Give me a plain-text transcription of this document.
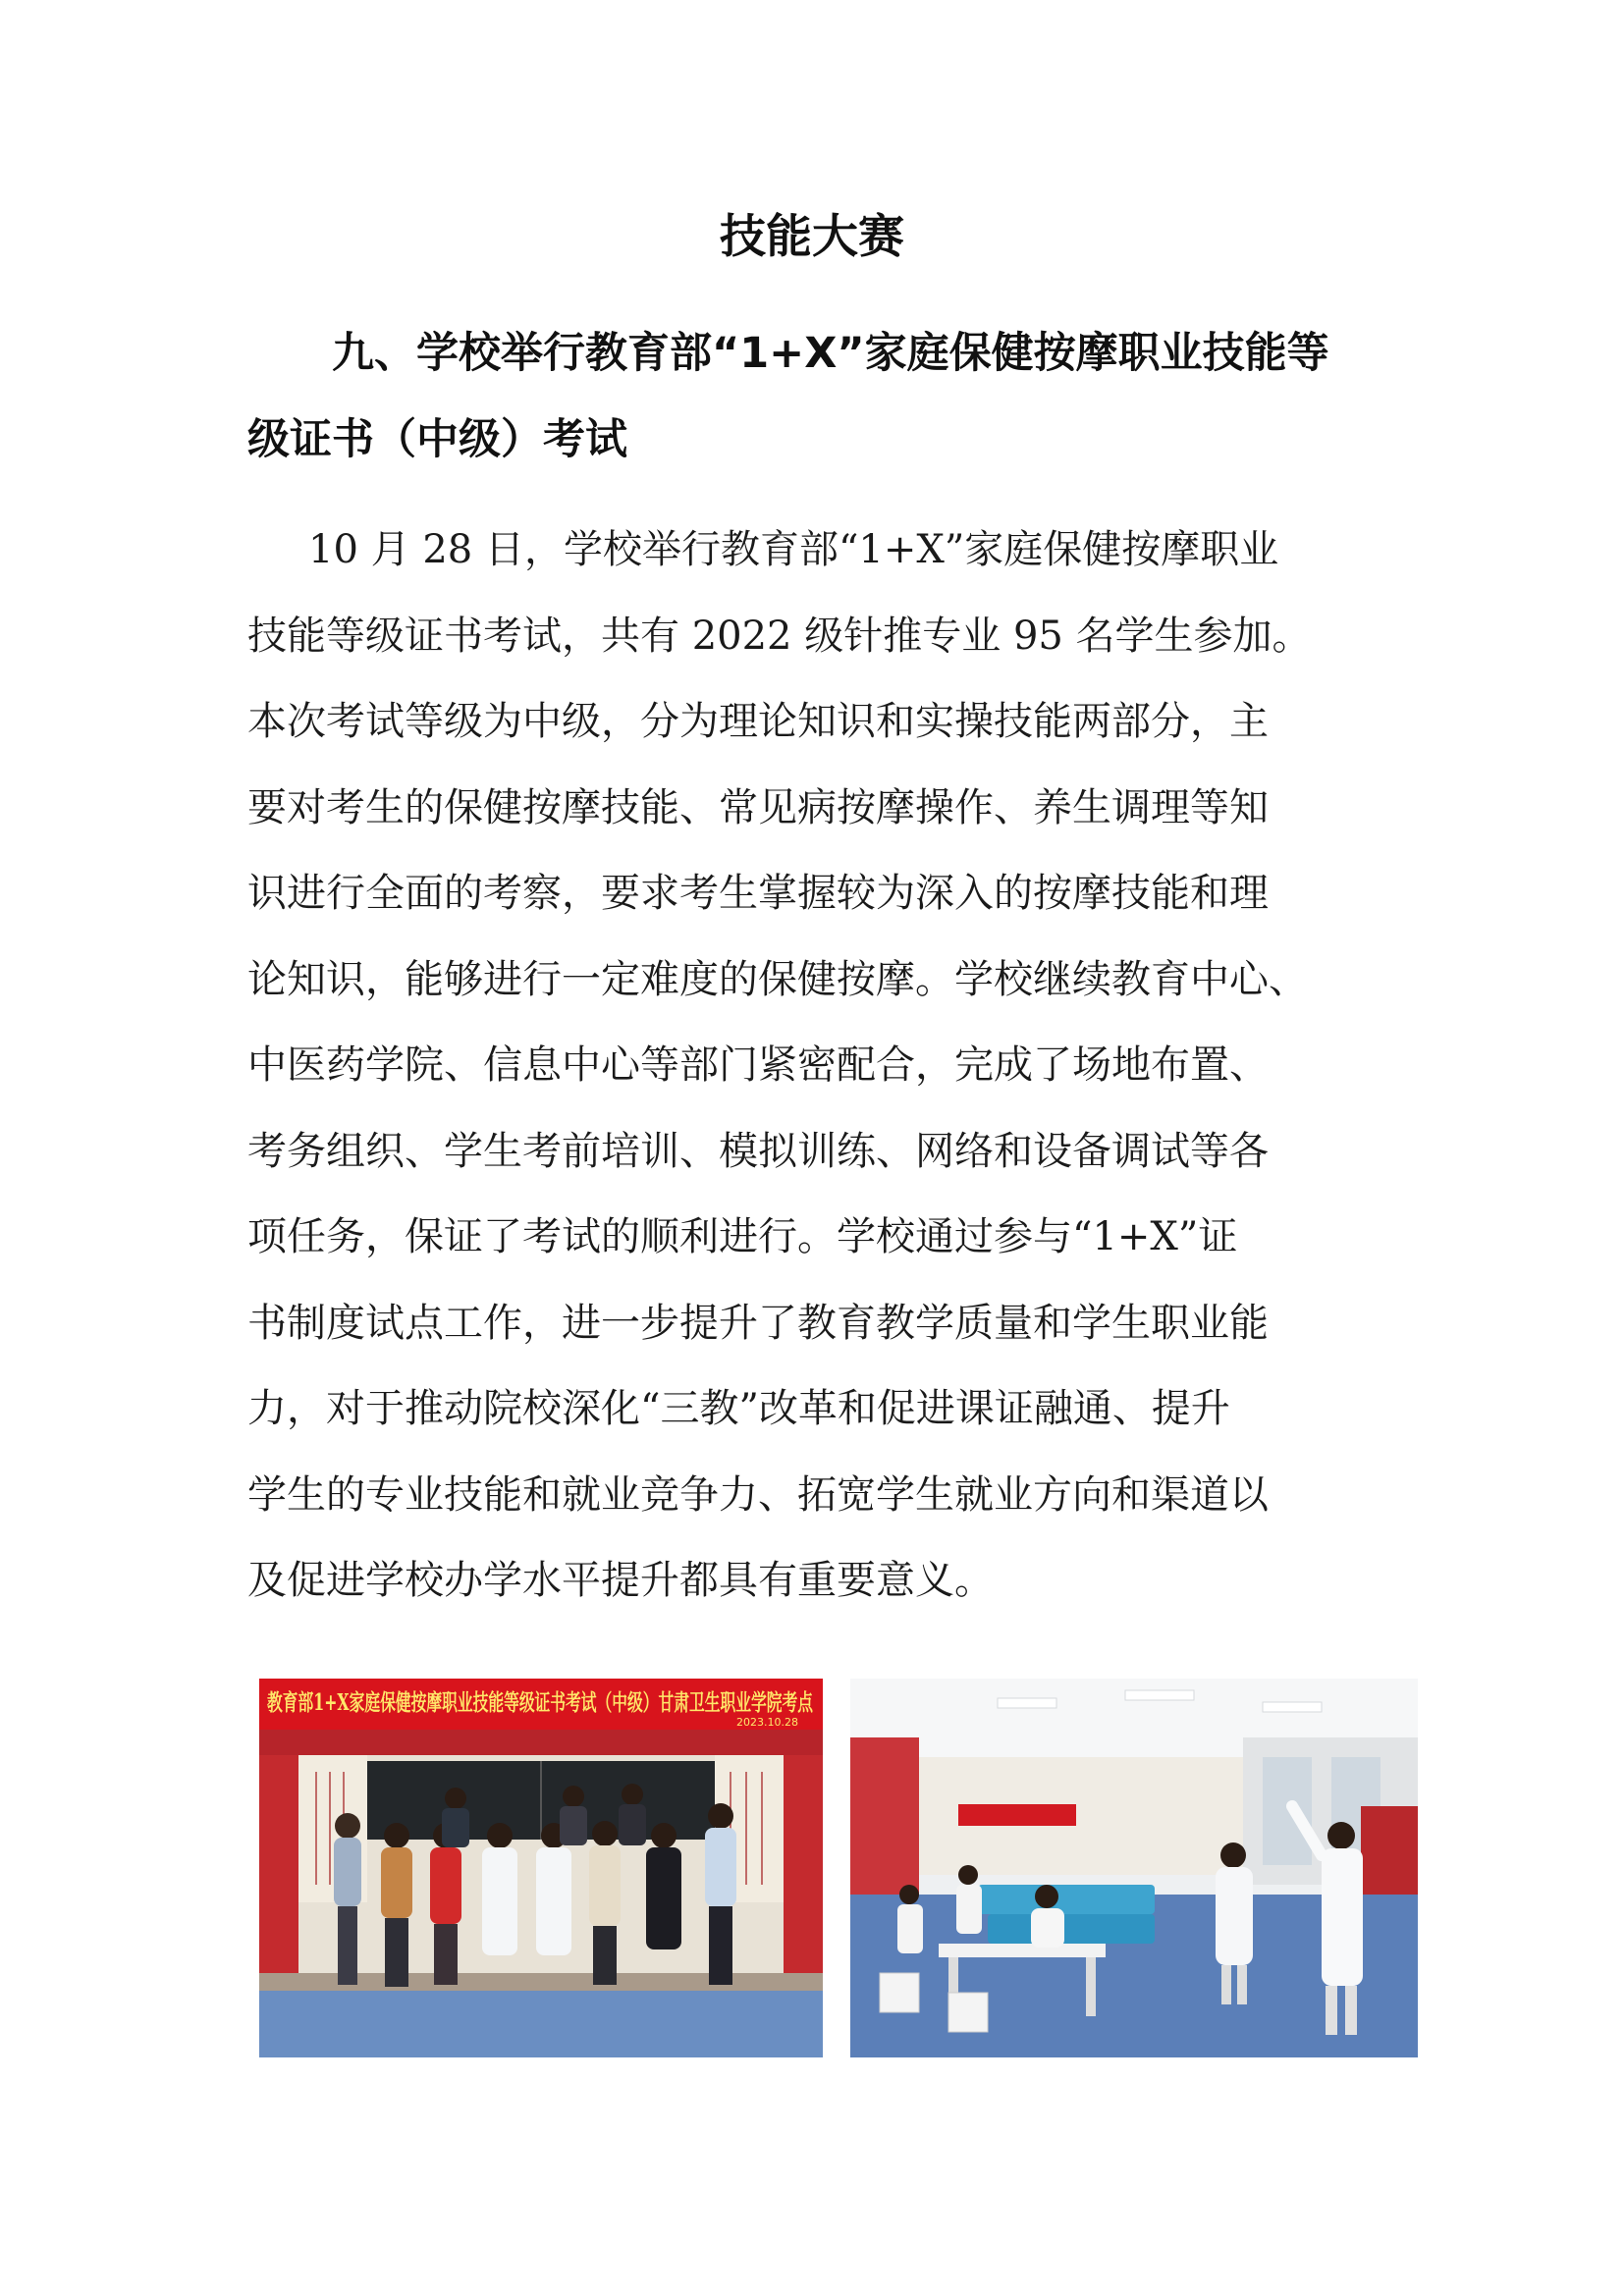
技能大赛
九、学校举行教育部“1+X”家庭保健按摩职业技能等
级证书（中级）考试
10 月 28 日，学校举行教育部“1+X”家庭保健按摩职业
技能等级证书考试，共有 2022 级针推专业 95 名学生参加。
本次考试等级为中级，分为理论知识和实操技能两部分，主
要对考生的保健按摩技能、常见病按摩操作、养生调理等知
识进行全面的考察，要求考生掌握较为深入的按摩技能和理
论知识，能够进行一定难度的保健按摩。学校继续教育中心、
中医药学院、信息中心等部门紧密配合，完成了场地布置、
考务组织、学生考前培训、模拟训练、网络和设备调试等各
项任务，保证了考试的顺利进行。学校通过参与“1+X”证
书制度试点工作，进一步提升了教育教学质量和学生职业能
力，对于推动院校深化“三教”改革和促进课证融通、提升
学生的专业技能和就业竞争力、拓宽学生就业方向和渠道以
及促进学校办学水平提升都具有重要意义。
教育部1+X家庭保健按摩职业技能等级证书考试（中级）甘肃卫生职业学院考点
2023.10.28
